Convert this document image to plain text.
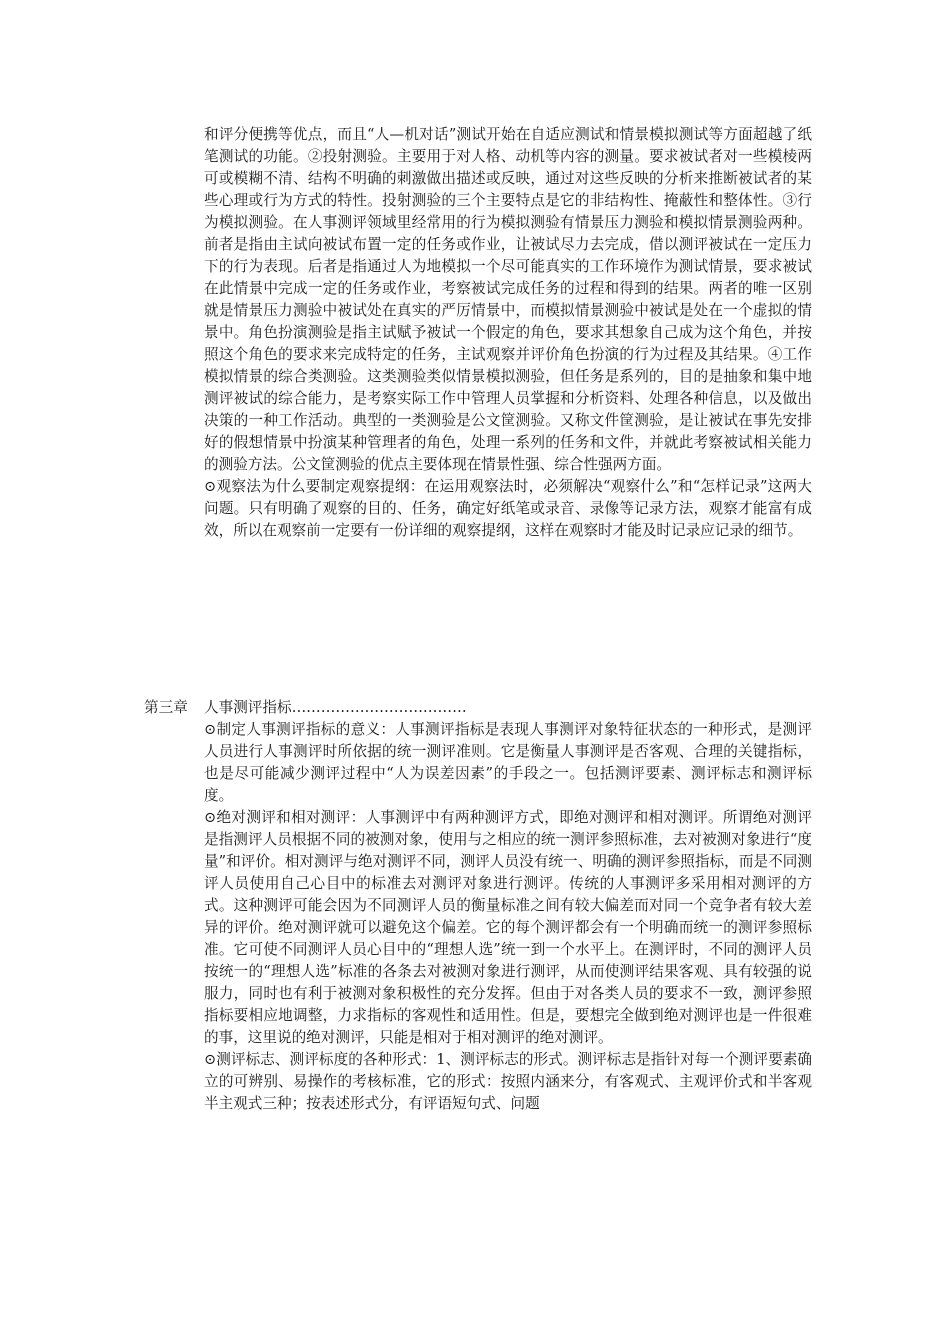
和评分便携等优点，而且“人—机对话”测试开始在自适应测试和情景模拟测试等方面超越了纸笔测试的功能。②投射测验。主要用于对人格、动机等内容的测量。要求被试者对一些模棱两可或模糊不清、结构不明确的刺激做出描述或反映，通过对这些反映的分析来推断被试者的某些心理或行为方式的特性。投射测验的三个主要特点是它的非结构性、掩蔽性和整体性。③行为模拟测验。在人事测评领域里经常用的行为模拟测验有情景压力测验和模拟情景测验两种。前者是指由主试向被试布置一定的任务或作业，让被试尽力去完成，借以测评被试在一定压力下的行为表现。后者是指通过人为地模拟一个尽可能真实的工作环境作为测试情景，要求被试在此情景中完成一定的任务或作业，考察被试完成任务的过程和得到的结果。两者的唯一区别就是情景压力测验中被试处在真实的严厉情景中，而模拟情景测验中被试是处在一个虚拟的情景中。角色扮演测验是指主试赋予被试一个假定的角色，要求其想象自己成为这个角色，并按照这个角色的要求来完成特定的任务，主试观察并评价角色扮演的行为过程及其结果。④工作模拟情景的综合类测验。这类测验类似情景模拟测验，但任务是系列的，目的是抽象和集中地测评被试的综合能力，是考察实际工作中管理人员掌握和分析资料、处理各种信息，以及做出决策的一种工作活动。典型的一类测验是公文筐测验。又称文件筐测验，是让被试在事先安排好的假想情景中扮演某种管理者的角色，处理一系列的任务和文件，并就此考察被试相关能力的测验方法。公文筐测验的优点主要体现在情景性强、综合性强两方面。

⊙观察法为什么要制定观察提纲：在运用观察法时，必须解决“观察什么”和“怎样记录”这两大问题。只有明确了观察的目的、任务，确定好纸笔或录音、录像等记录方法，观察才能富有成效，所以在观察前一定要有一份详细的观察提纲，这样在观察时才能及时记录应记录的细节。

第三章 人事测评指标………………………………

⊙制定人事测评指标的意义：人事测评指标是表现人事测评对象特征状态的一种形式，是测评人员进行人事测评时所依据的统一测评准则。它是衡量人事测评是否客观、合理的关键指标，也是尽可能减少测评过程中“人为误差因素”的手段之一。包括测评要素、测评标志和测评标度。

⊙绝对测评和相对测评：人事测评中有两种测评方式，即绝对测评和相对测评。所谓绝对测评是指测评人员根据不同的被测对象，使用与之相应的统一测评参照标准，去对被测对象进行“度量”和评价。相对测评与绝对测评不同，测评人员没有统一、明确的测评参照指标，而是不同测评人员使用自己心目中的标准去对测评对象进行测评。传统的人事测评多采用相对测评的方式。这种测评可能会因为不同测评人员的衡量标准之间有较大偏差而对同一个竞争者有较大差异的评价。绝对测评就可以避免这个偏差。它的每个测评都会有一个明确而统一的测评参照标准。它可使不同测评人员心目中的“理想人选”统一到一个水平上。在测评时，不同的测评人员按统一的“理想人选”标准的各条去对被测对象进行测评，从而使测评结果客观、具有较强的说服力，同时也有利于被测对象积极性的充分发挥。但由于对各类人员的要求不一致，测评参照指标要相应地调整，力求指标的客观性和适用性。但是，要想完全做到绝对测评也是一件很难的事，这里说的绝对测评，只能是相对于相对测评的绝对测评。

⊙测评标志、测评标度的各种形式：1、测评标志的形式。测评标志是指针对每一个测评要素确立的可辨别、易操作的考核标准，它的形式：按照内涵来分，有客观式、主观评价式和半客观半主观式三种；按表述形式分，有评语短句式、问题
